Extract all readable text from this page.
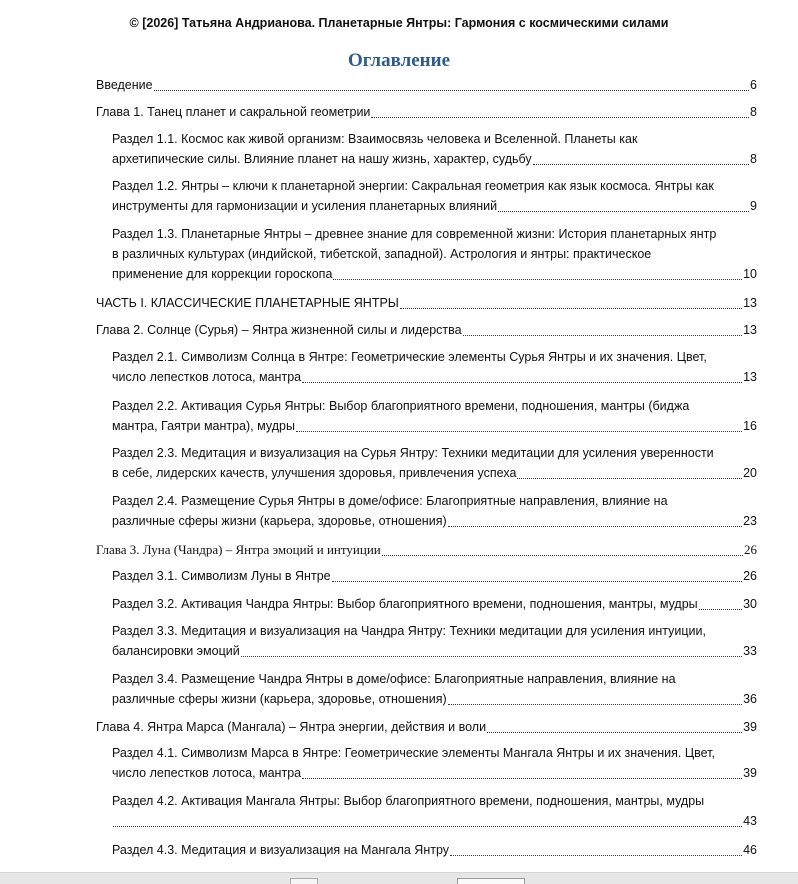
© [2026] Татьяна Андрианова. Планетарные Янтры: Гармония с космическими силами
Оглавление
Введение	6
Глава 1. Танец планет и сакральной геометрии	8
Раздел 1.1. Космос как живой организм: Взаимосвязь человека и Вселенной. Планеты как
архетипические силы. Влияние планет на нашу жизнь, характер, судьбу	8
Раздел 1.2. Янтры – ключи к планетарной энергии: Сакральная геометрия как язык космоса. Янтры как
инструменты для гармонизации и усиления планетарных влияний	9
Раздел 1.3. Планетарные Янтры – древнее знание для современной жизни: История планетарных янтр
в различных культурах (индийской, тибетской, западной). Астрология и янтры: практическое
применение для коррекции гороскопа	10
ЧАСТЬ I. КЛАССИЧЕСКИЕ ПЛАНЕТАРНЫЕ ЯНТРЫ	13
Глава 2. Солнце (Сурья) – Янтра жизненной силы и лидерства	13
Раздел 2.1. Символизм Солнца в Янтре: Геометрические элементы Сурья Янтры и их значения. Цвет,
число лепестков лотоса, мантра	13
Раздел 2.2. Активация Сурья Янтры: Выбор благоприятного времени, подношения, мантры (биджа
мантра, Гаятри мантра), мудры	16
Раздел 2.3. Медитация и визуализация на Сурья Янтру: Техники медитации для усиления уверенности
в себе, лидерских качеств, улучшения здоровья, привлечения успеха	20
Раздел 2.4. Размещение Сурья Янтры в доме/офисе: Благоприятные направления, влияние на
различные сферы жизни (карьера, здоровье, отношения)	23
Глава 3. Луна (Чандра) – Янтра эмоций и интуиции	26
Раздел 3.1. Символизм Луны в Янтре	26
Раздел 3.2. Активация Чандра Янтры: Выбор благоприятного времени, подношения, мантры, мудры	30
Раздел 3.3. Медитация и визуализация на Чандра Янтру: Техники медитации для усиления интуиции,
балансировки эмоций	33
Раздел 3.4. Размещение Чандра Янтры в доме/офисе: Благоприятные направления, влияние на
различные сферы жизни (карьера, здоровье, отношения)	36
Глава 4. Янтра Марса (Мангала) – Янтра энергии, действия и воли	39
Раздел 4.1. Символизм Марса в Янтре: Геометрические элементы Мангала Янтры и их значения. Цвет,
число лепестков лотоса, мантра	39
Раздел 4.2. Активация Мангала Янтры: Выбор благоприятного времени, подношения, мантры, мудры
43
Раздел 4.3. Медитация и визуализация на Мангала Янтру	46
